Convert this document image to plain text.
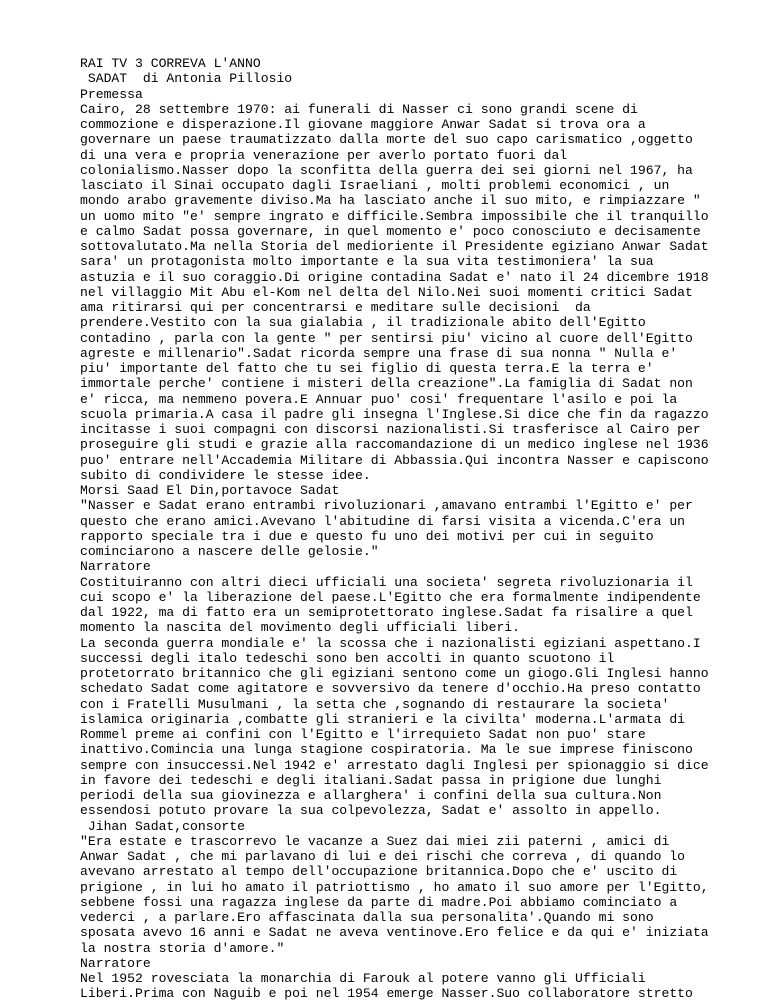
RAI TV 3 CORREVA L'ANNO
SADAT  di Antonia Pillosio
Premessa
Cairo, 28 settembre 1970: ai funerali di Nasser ci sono grandi scene di
commozione e disperazione.Il giovane maggiore Anwar Sadat si trova ora a
governare un paese traumatizzato dalla morte del suo capo carismatico ,oggetto
di una vera e propria venerazione per averlo portato fuori dal
colonialismo.Nasser dopo la sconfitta della guerra dei sei giorni nel 1967, ha
lasciato il Sinai occupato dagli Israeliani , molti problemi economici , un
mondo arabo gravemente diviso.Ma ha lasciato anche il suo mito, e rimpiazzare "
un uomo mito "e' sempre ingrato e difficile.Sembra impossibile che il tranquillo
e calmo Sadat possa governare, in quel momento e' poco conosciuto e decisamente
sottovalutato.Ma nella Storia del medioriente il Presidente egiziano Anwar Sadat
sara' un protagonista molto importante e la sua vita testimoniera' la sua
astuzia e il suo coraggio.Di origine contadina Sadat e' nato il 24 dicembre 1918
nel villaggio Mit Abu el-Kom nel delta del Nilo.Nei suoi momenti critici Sadat
ama ritirarsi qui per concentrarsi e meditare sulle decisioni  da
prendere.Vestito con la sua gialabia , il tradizionale abito dell'Egitto
contadino , parla con la gente " per sentirsi piu' vicino al cuore dell'Egitto
agreste e millenario".Sadat ricorda sempre una frase di sua nonna " Nulla e'
piu' importante del fatto che tu sei figlio di questa terra.E la terra e'
immortale perche' contiene i misteri della creazione".La famiglia di Sadat non
e' ricca, ma nemmeno povera.E Annuar puo' cosi' frequentare l'asilo e poi la
scuola primaria.A casa il padre gli insegna l'Inglese.Si dice che fin da ragazzo
incitasse i suoi compagni con discorsi nazionalisti.Si trasferisce al Cairo per
proseguire gli studi e grazie alla raccomandazione di un medico inglese nel 1936
puo' entrare nell'Accademia Militare di Abbassia.Qui incontra Nasser e capiscono
subito di condividere le stesse idee.
Morsi Saad El Din,portavoce Sadat
"Nasser e Sadat erano entrambi rivoluzionari ,amavano entrambi l'Egitto e' per
questo che erano amici.Avevano l'abitudine di farsi visita a vicenda.C'era un
rapporto speciale tra i due e questo fu uno dei motivi per cui in seguito
cominciarono a nascere delle gelosie."
Narratore
Costituiranno con altri dieci ufficiali una societa' segreta rivoluzionaria il
cui scopo e' la liberazione del paese.L'Egitto che era formalmente indipendente
dal 1922, ma di fatto era un semiprotettorato inglese.Sadat fa risalire a quel
momento la nascita del movimento degli ufficiali liberi.
La seconda guerra mondiale e' la scossa che i nazionalisti egiziani aspettano.I
successi degli italo tedeschi sono ben accolti in quanto scuotono il
protetorrato britannico che gli egiziani sentono come un giogo.Gli Inglesi hanno
schedato Sadat come agitatore e sovversivo da tenere d'occhio.Ha preso contatto
con i Fratelli Musulmani , la setta che ,sognando di restaurare la societa'
islamica originaria ,combatte gli stranieri e la civilta' moderna.L'armata di
Rommel preme ai confini con l'Egitto e l'irrequieto Sadat non puo' stare
inattivo.Comincia una lunga stagione cospiratoria. Ma le sue imprese finiscono
sempre con insuccessi.Nel 1942 e' arrestato dagli Inglesi per spionaggio si dice
in favore dei tedeschi e degli italiani.Sadat passa in prigione due lunghi
periodi della sua giovinezza e allarghera' i confini della sua cultura.Non
essendosi potuto provare la sua colpevolezza, Sadat e' assolto in appello.
Jihan Sadat,consorte
"Era estate e trascorrevo le vacanze a Suez dai miei zii paterni , amici di
Anwar Sadat , che mi parlavano di lui e dei rischi che correva , di quando lo
avevano arrestato al tempo dell'occupazione britannica.Dopo che e' uscito di
prigione , in lui ho amato il patriottismo , ho amato il suo amore per l'Egitto,
sebbene fossi una ragazza inglese da parte di madre.Poi abbiamo cominciato a
vederci , a parlare.Ero affascinata dalla sua personalita'.Quando mi sono
sposata avevo 16 anni e Sadat ne aveva ventinove.Ero felice e da qui e' iniziata
la nostra storia d'amore."
Narratore
Nel 1952 rovesciata la monarchia di Farouk al potere vanno gli Ufficiali
Liberi.Prima con Naguib e poi nel 1954 emerge Nasser.Suo collaboratore stretto
